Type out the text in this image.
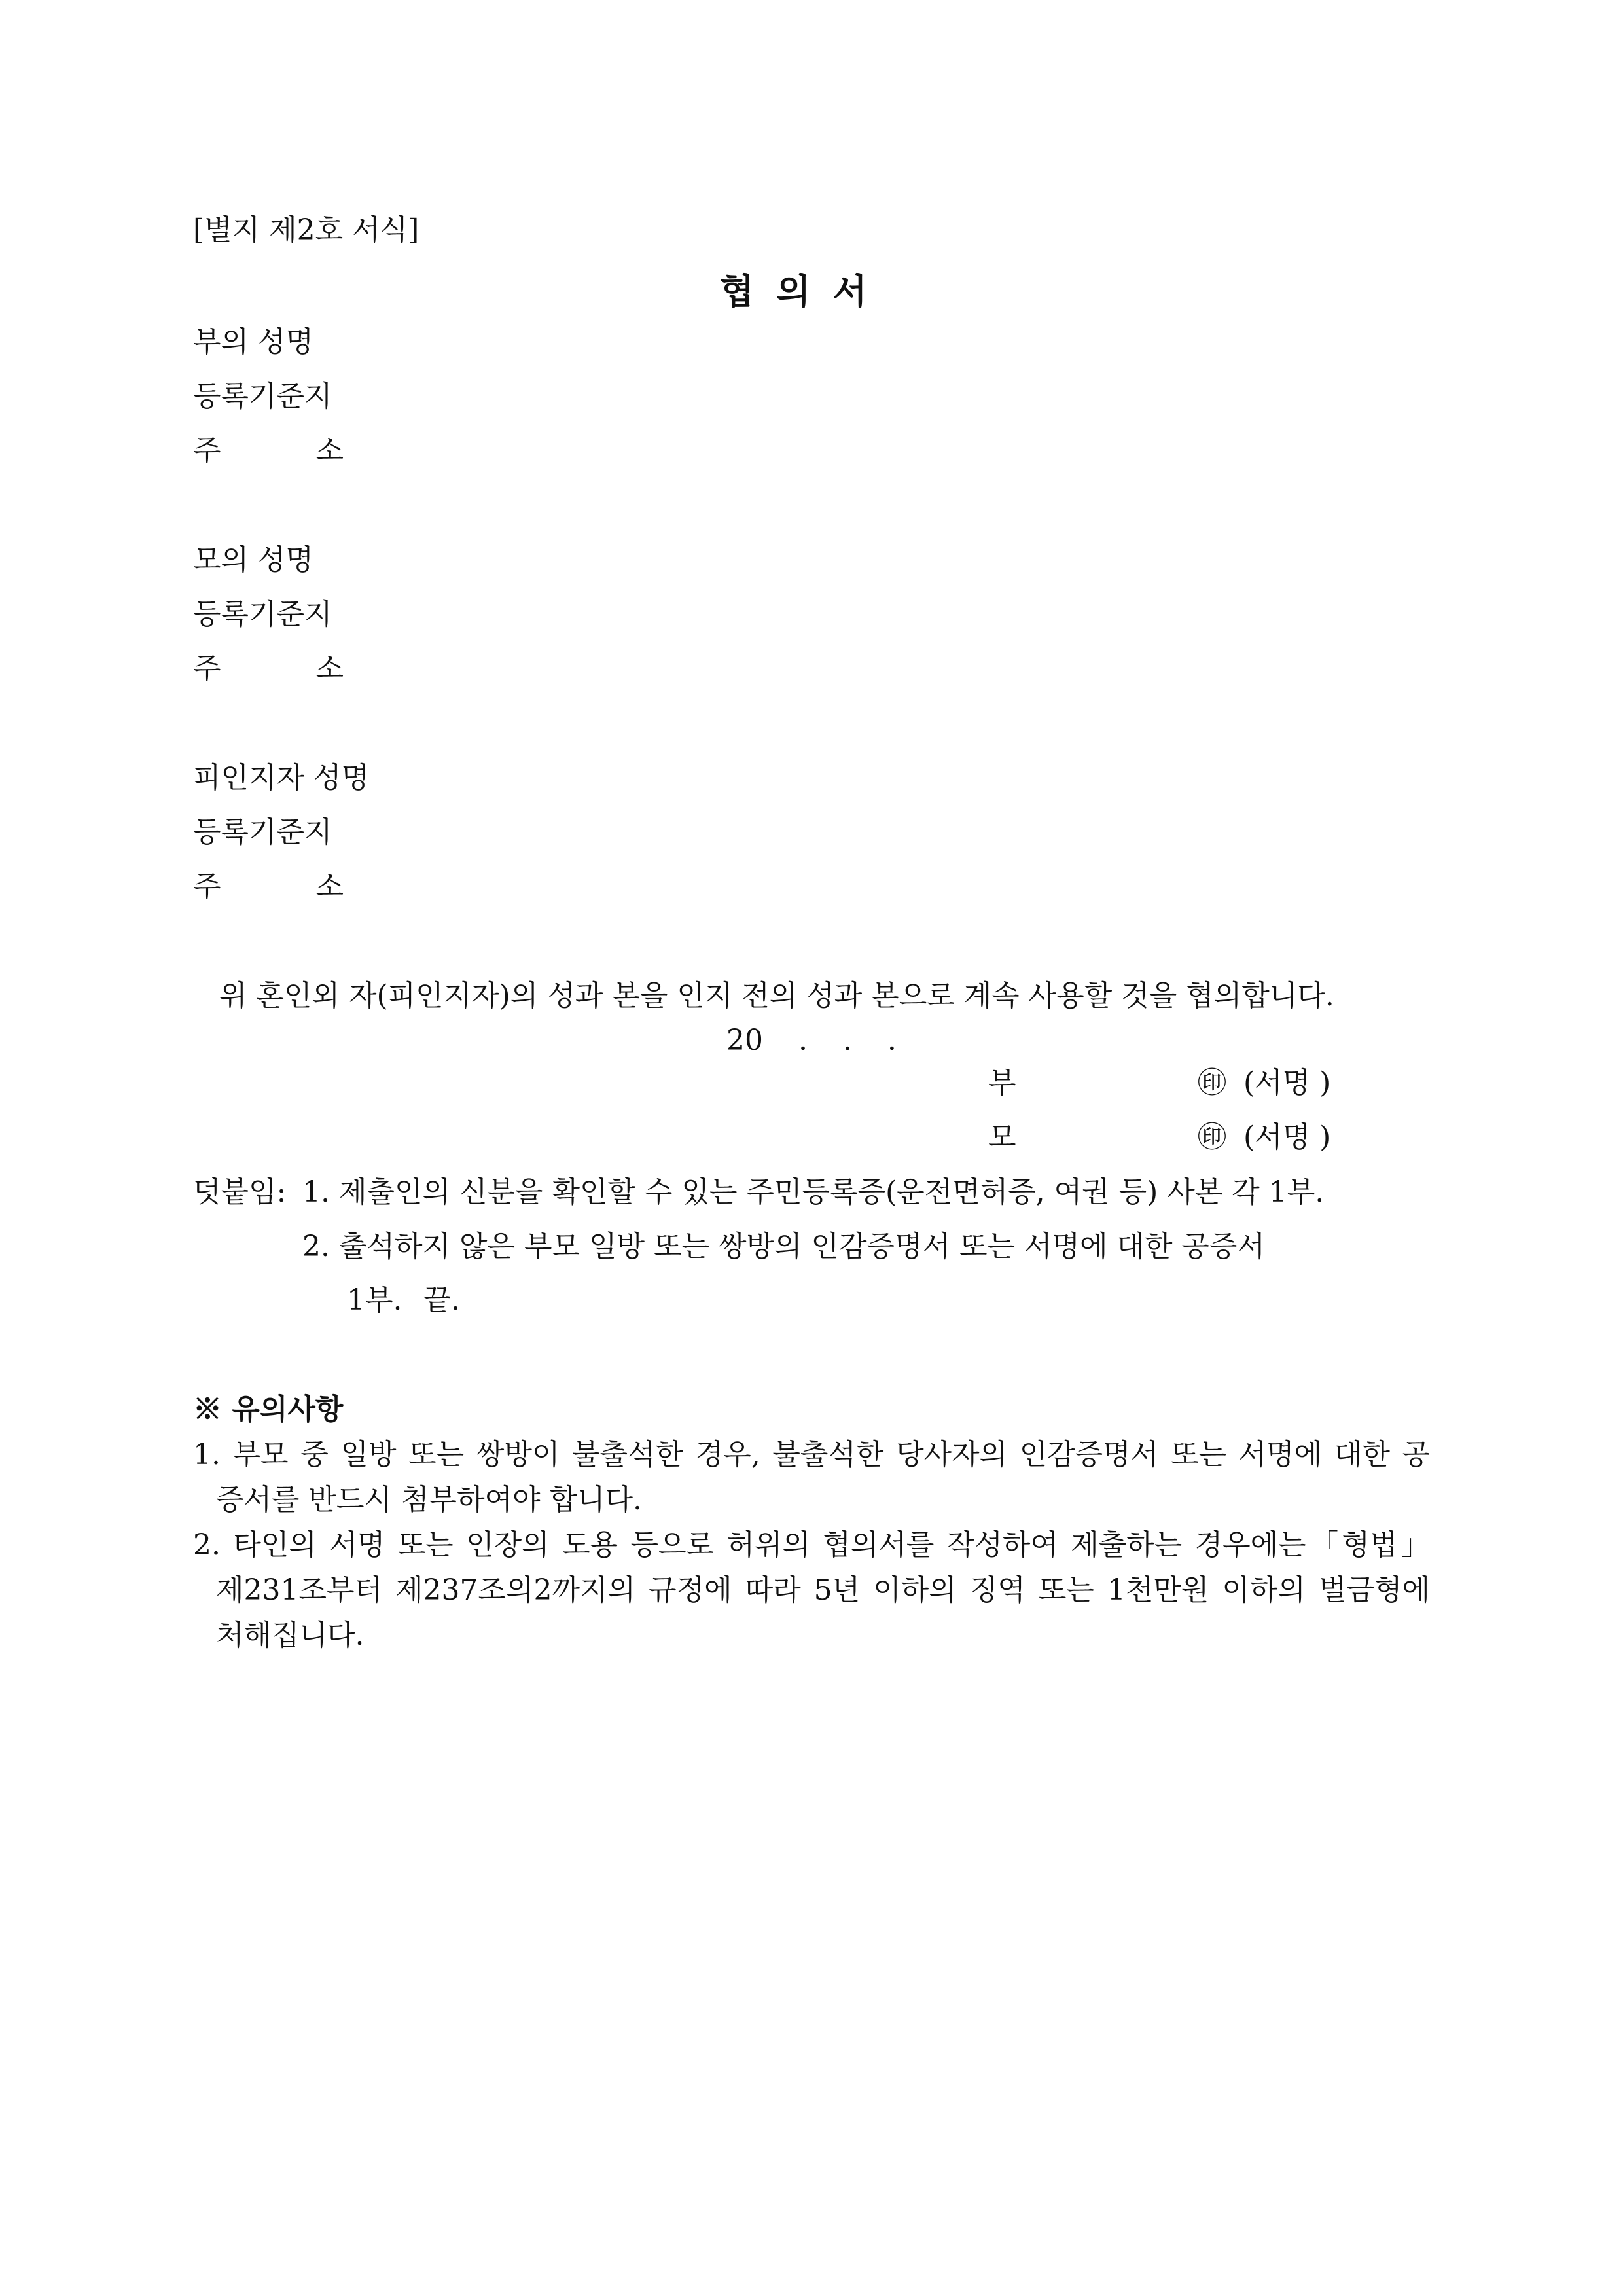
[별지 제2호 서식]

협의서
부의 성명
등록기준지
주	소
모의 성명
등록기준지
주	소
피인지자 성명
등록기준지
주	소

위 혼인외 자(피인지자)의 성과 본을 인지 전의 성과 본으로 계속 사용할 것을 협의합니다.

20 . . .

부	㊞ (서명 )
모	㊞ (서명 )

덧붙임: 1. 제출인의 신분을 확인할 수 있는 주민등록증(운전면허증, 여권 등) 사본 각 1부.

2. 출석하지 않은 부모 일방 또는 쌍방의 인감증명서 또는 서명에 대한 공증서

1부. 끝.

※ 유의사항

1. 부모 중 일방 또는 쌍방이 불출석한 경우, 불출석한 당사자의 인감증명서 또는 서명에 대한 공

증서를 반드시 첨부하여야 합니다.

2. 타인의 서명 또는 인장의 도용 등으로 허위의 협의서를 작성하여 제출하는 경우에는「형법」
제231조부터 제237조의2까지의 규정에 따라 5년 이하의 징역 또는 1천만원 이하의 벌금형에

처해집니다.
